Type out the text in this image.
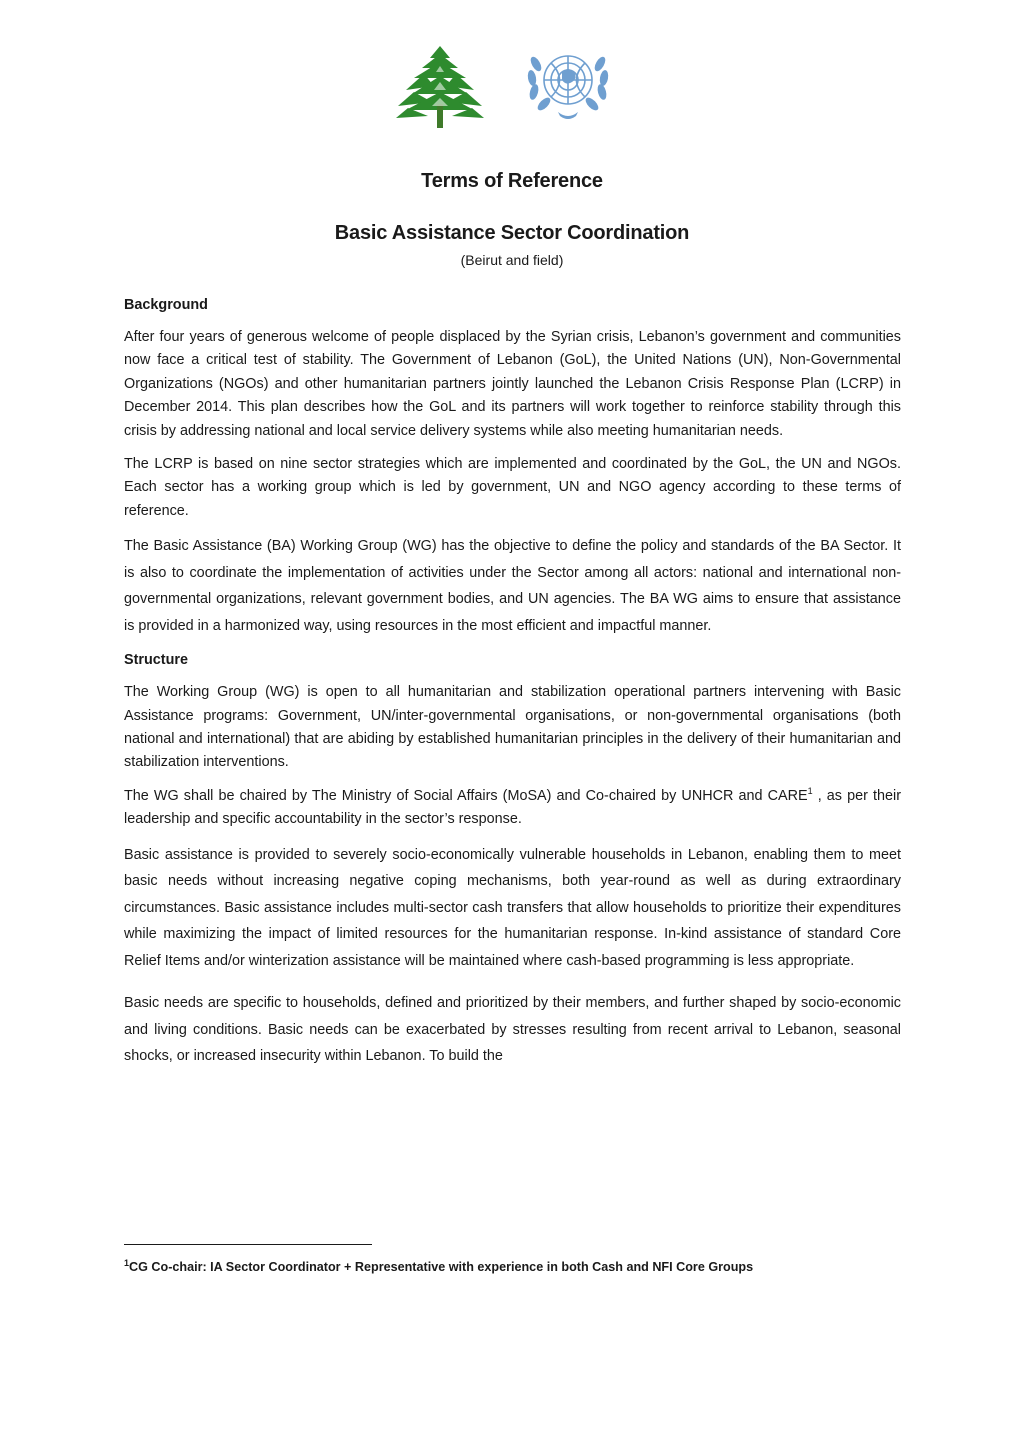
Terms of Reference
Basic Assistance Sector Coordination
(Beirut and field)
Background

After four years of generous welcome of people displaced by the Syrian crisis, Lebanon’s government and communities now face a critical test of stability. The Government of Lebanon (GoL), the United Nations (UN), Non-Governmental Organizations (NGOs) and other humanitarian partners jointly launched the Lebanon Crisis Response Plan (LCRP) in December 2014. This plan describes how the GoL and its partners will work together to reinforce stability through this crisis by addressing national and local service delivery systems while also meeting humanitarian needs.

The LCRP is based on nine sector strategies which are implemented and coordinated by the GoL, the UN and NGOs. Each sector has a working group which is led by government, UN and NGO agency according to these terms of reference.

The Basic Assistance (BA) Working Group (WG) has the objective to define the policy and standards of the BA Sector. It is also to coordinate the implementation of activities under the Sector among all actors: national and international non-governmental organizations, relevant government bodies, and UN agencies. The BA WG aims to ensure that assistance is provided in a harmonized way, using resources in the most efficient and impactful manner.

Structure

The Working Group (WG) is open to all humanitarian and stabilization operational partners intervening with Basic Assistance programs: Government, UN/inter-governmental organisations, or non-governmental organisations (both national and international) that are abiding by established humanitarian principles in the delivery of their humanitarian and stabilization interventions.

The WG shall be chaired by The Ministry of Social Affairs (MoSA) and Co-chaired by UNHCR and CARE$^1$ , as per their leadership and specific accountability in the sector’s response.

Basic assistance is provided to severely socio-economically vulnerable households in Lebanon, enabling them to meet basic needs without increasing negative coping mechanisms, both year-round as well as during extraordinary circumstances. Basic assistance includes multi-sector cash transfers that allow households to prioritize their expenditures while maximizing the impact of limited resources for the humanitarian response. In-kind assistance of standard Core Relief Items and/or winterization assistance will be maintained where cash-based programming is less appropriate.

Basic needs are specific to households, defined and prioritized by their members, and further shaped by socio-economic and living conditions. Basic needs can be exacerbated by stresses resulting from recent arrival to Lebanon, seasonal shocks, or increased insecurity within Lebanon. To build the

$^1$CG Co-chair: IA Sector Coordinator + Representative with experience in both Cash and NFI Core Groups
